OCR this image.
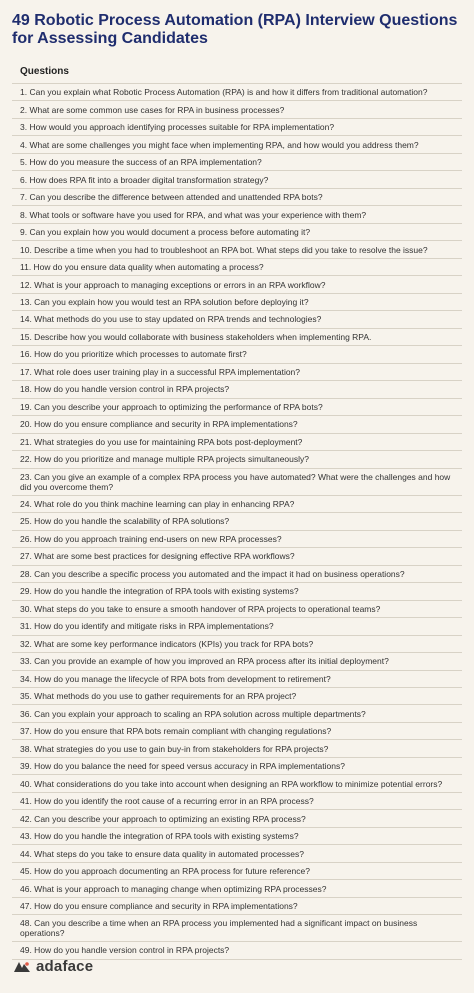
49 Robotic Process Automation (RPA) Interview Questions for Assessing Candidates
Questions
1. Can you explain what Robotic Process Automation (RPA) is and how it differs from traditional automation?
2. What are some common use cases for RPA in business processes?
3. How would you approach identifying processes suitable for RPA implementation?
4. What are some challenges you might face when implementing RPA, and how would you address them?
5. How do you measure the success of an RPA implementation?
6. How does RPA fit into a broader digital transformation strategy?
7. Can you describe the difference between attended and unattended RPA bots?
8. What tools or software have you used for RPA, and what was your experience with them?
9. Can you explain how you would document a process before automating it?
10. Describe a time when you had to troubleshoot an RPA bot. What steps did you take to resolve the issue?
11. How do you ensure data quality when automating a process?
12. What is your approach to managing exceptions or errors in an RPA workflow?
13. Can you explain how you would test an RPA solution before deploying it?
14. What methods do you use to stay updated on RPA trends and technologies?
15. Describe how you would collaborate with business stakeholders when implementing RPA.
16. How do you prioritize which processes to automate first?
17. What role does user training play in a successful RPA implementation?
18. How do you handle version control in RPA projects?
19. Can you describe your approach to optimizing the performance of RPA bots?
20. How do you ensure compliance and security in RPA implementations?
21. What strategies do you use for maintaining RPA bots post-deployment?
22. How do you prioritize and manage multiple RPA projects simultaneously?
23. Can you give an example of a complex RPA process you have automated? What were the challenges and how did you overcome them?
24. What role do you think machine learning can play in enhancing RPA?
25. How do you handle the scalability of RPA solutions?
26. How do you approach training end-users on new RPA processes?
27. What are some best practices for designing effective RPA workflows?
28. Can you describe a specific process you automated and the impact it had on business operations?
29. How do you handle the integration of RPA tools with existing systems?
30. What steps do you take to ensure a smooth handover of RPA projects to operational teams?
31. How do you identify and mitigate risks in RPA implementations?
32. What are some key performance indicators (KPIs) you track for RPA bots?
33. Can you provide an example of how you improved an RPA process after its initial deployment?
34. How do you manage the lifecycle of RPA bots from development to retirement?
35. What methods do you use to gather requirements for an RPA project?
36. Can you explain your approach to scaling an RPA solution across multiple departments?
37. How do you ensure that RPA bots remain compliant with changing regulations?
38. What strategies do you use to gain buy-in from stakeholders for RPA projects?
39. How do you balance the need for speed versus accuracy in RPA implementations?
40. What considerations do you take into account when designing an RPA workflow to minimize potential errors?
41. How do you identify the root cause of a recurring error in an RPA process?
42. Can you describe your approach to optimizing an existing RPA process?
43. How do you handle the integration of RPA tools with existing systems?
44. What steps do you take to ensure data quality in automated processes?
45. How do you approach documenting an RPA process for future reference?
46. What is your approach to managing change when optimizing RPA processes?
47. How do you ensure compliance and security in RPA implementations?
48. Can you describe a time when an RPA process you implemented had a significant impact on business operations?
49. How do you handle version control in RPA projects?
adaface
